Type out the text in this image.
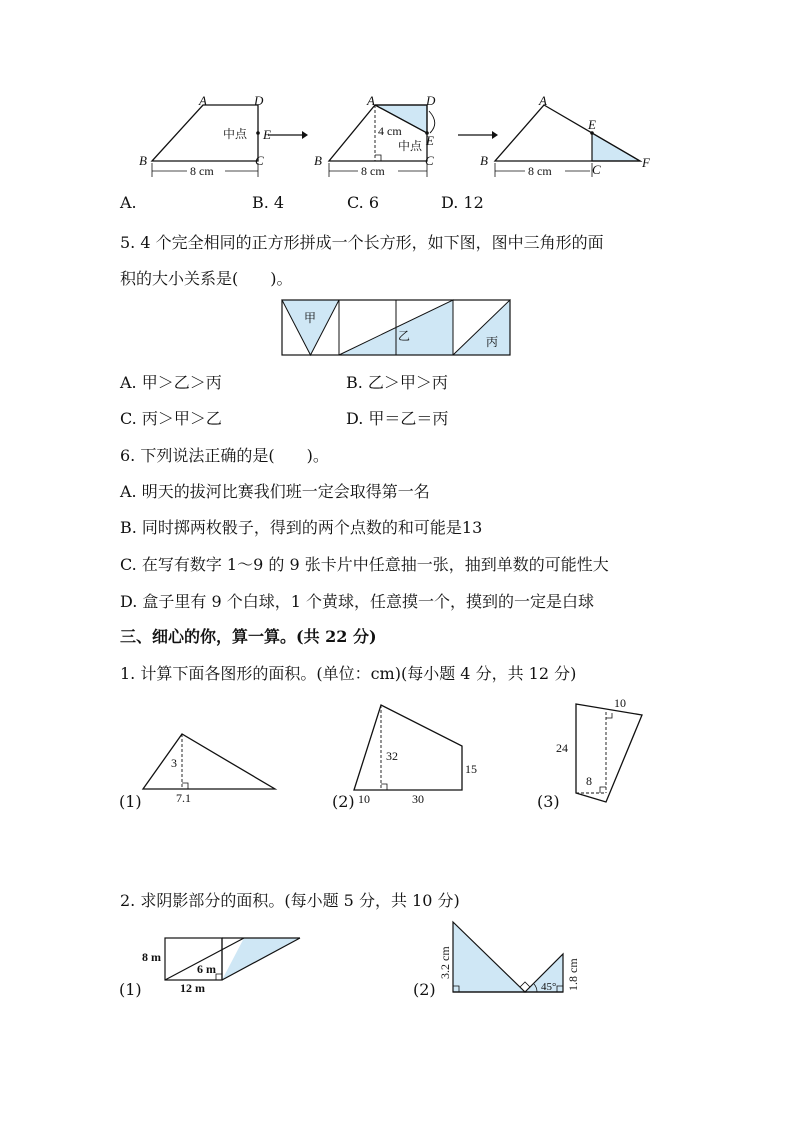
A	D
E
中点
B	C
8 cm
A	D
E
4 cm
中点
B	C
8 cm
A
E
B
C	F
8 cm
A.	B. 4	C. 6	D. 12
5. 4 个完全相同的正方形拼成一个长方形，如下图，图中三角形的面
积的大小关系是(　　)。
甲
乙	丙
A. 甲＞乙＞丙	B. 乙＞甲＞丙
C. 丙＞甲＞乙	D. 甲＝乙＝丙
6. 下列说法正确的是(　　)。
A. 明天的拔河比赛我们班一定会取得第一名
B. 同时掷两枚骰子，得到的两个点数的和可能是13
C. 在写有数字 1～9 的 9 张卡片中任意抽一张，抽到单数的可能性大
D. 盒子里有 9 个白球，1 个黄球，任意摸一个，摸到的一定是白球
三、细心的你，算一算。(共 22 分)
1. 计算下面各图形的面积。(单位：cm)(每小题 4 分，共 12 分)
(1)
3
7.1	(2)
32
15
10	30	(3)
10
24
8
2. 求阴影部分的面积。(每小题 5 分，共 10 分)
(1)
8 m
6 m
12 m	(2)	45°
3.2 cm	1.8 cm
